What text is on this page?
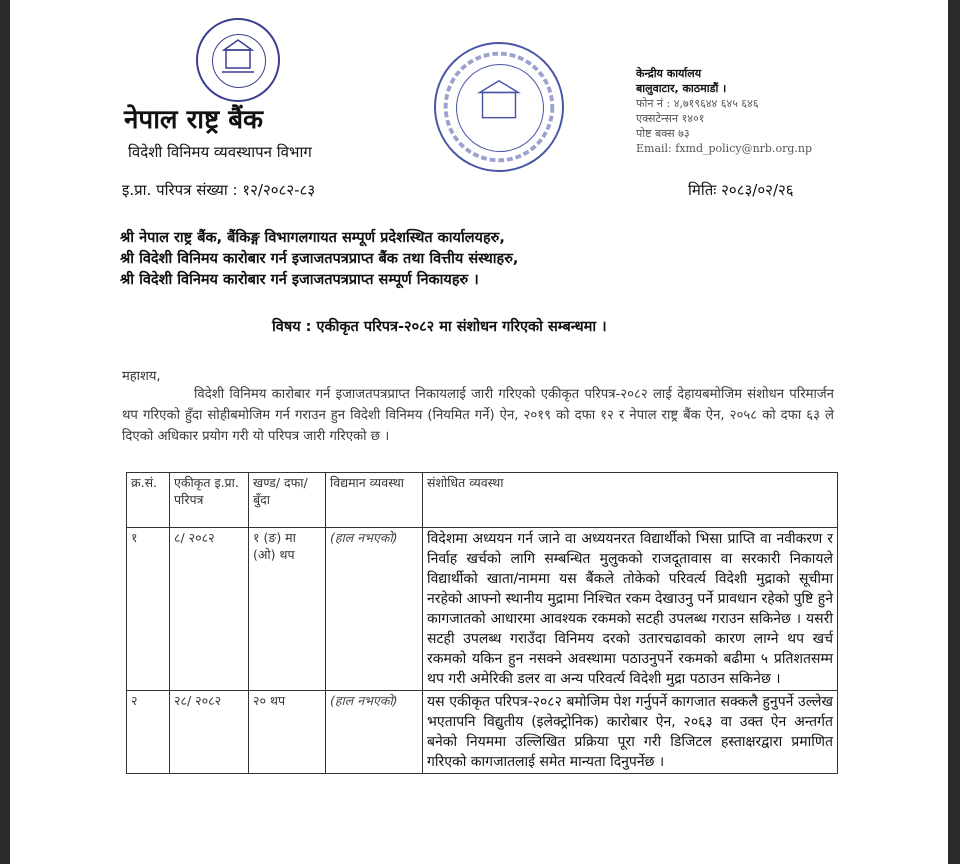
नेपाल राष्ट्र बैंक
विदेशी विनिमय व्यवस्थापन विभाग
केन्द्रीय कार्यालय
बालुवाटार, काठमाडौं ।
फोन नं : ४,७१९६४४ ६४५ ६४६
एक्सटेन्सन १४०१
पोष्ट बक्स ७३
Email: fxmd_policy@nrb.org.np
इ.प्रा. परिपत्र संख्या : १२/२०८२-८३	मितिः २०८३/०२/२६
श्री नेपाल राष्ट्र बैंक, बैंकिङ्ग विभागलगायत सम्पूर्ण प्रदेशस्थित कार्यालयहरु,
श्री विदेशी विनिमय कारोबार गर्न इजाजतपत्रप्राप्त बैंक तथा वित्तीय संस्थाहरु,
श्री विदेशी विनिमय कारोबार गर्न इजाजतपत्रप्राप्त सम्पूर्ण निकायहरु ।
विषय : एकीकृत परिपत्र-२०८२ मा संशोधन गरिएको सम्बन्धमा ।
महाशय,
विदेशी विनिमय कारोबार गर्न इजाजतपत्रप्राप्त निकायलाई जारी गरिएको एकीकृत परिपत्र-२०८२ लाई देहायबमोजिम संशोधन परिमार्जन थप गरिएको हुँदा सोहीबमोजिम गर्न गराउन हुन विदेशी विनिमय (नियमित गर्ने) ऐन, २०१९ को दफा १२ र नेपाल राष्ट्र बैंक ऐन, २०५८ को दफा ६३ ले दिएको अधिकार प्रयोग गरी यो परिपत्र जारी गरिएको छ ।
क्र.सं.	एकीकृत इ.प्रा. परिपत्र	खण्ड/ दफा/ बुँदा	विद्यमान व्यवस्था	संशोधित व्यवस्था
१	८/ २०८२	१ (ङ) मा (ओ) थप	(हाल नभएको)	विदेशमा अध्ययन गर्न जाने वा अध्ययनरत विद्यार्थीको भिसा प्राप्ति वा नवीकरण र निर्वाह खर्चको लागि सम्बन्धित मुलुकको राजदूतावास वा सरकारी निकायले विद्यार्थीको खाता/नाममा यस बैंकले तोकेको परिवर्त्य विदेशी मुद्राको सूचीमा नरहेको आफ्नो स्थानीय मुद्रामा निश्चित रकम देखाउनु पर्ने प्रावधान रहेको पुष्टि हुने कागजातको आधारमा आवश्यक रकमको सटही उपलब्ध गराउन सकिनेछ । यसरी सटही उपलब्ध गराउँदा विनिमय दरको उतारचढावको कारण लाग्ने थप खर्च रकमको यकिन हुन नसक्ने अवस्थामा पठाउनुपर्ने रकमको बढीमा ५ प्रतिशतसम्म थप गरी अमेरिकी डलर वा अन्य परिवर्त्य विदेशी मुद्रा पठाउन सकिनेछ ।
२	२८/ २०८२	२० थप	(हाल नभएको)	यस एकीकृत परिपत्र-२०८२ बमोजिम पेश गर्नुपर्ने कागजात सक्कलै हुनुपर्ने उल्लेख भएतापनि विद्युतीय (इलेक्ट्रोनिक) कारोबार ऐन, २०६३ वा उक्त ऐन अन्तर्गत बनेको नियममा उल्लिखित प्रक्रिया पूरा गरी डिजिटल हस्ताक्षरद्वारा प्रमाणित गरिएको कागजातलाई समेत मान्यता दिनुपर्नेछ ।
